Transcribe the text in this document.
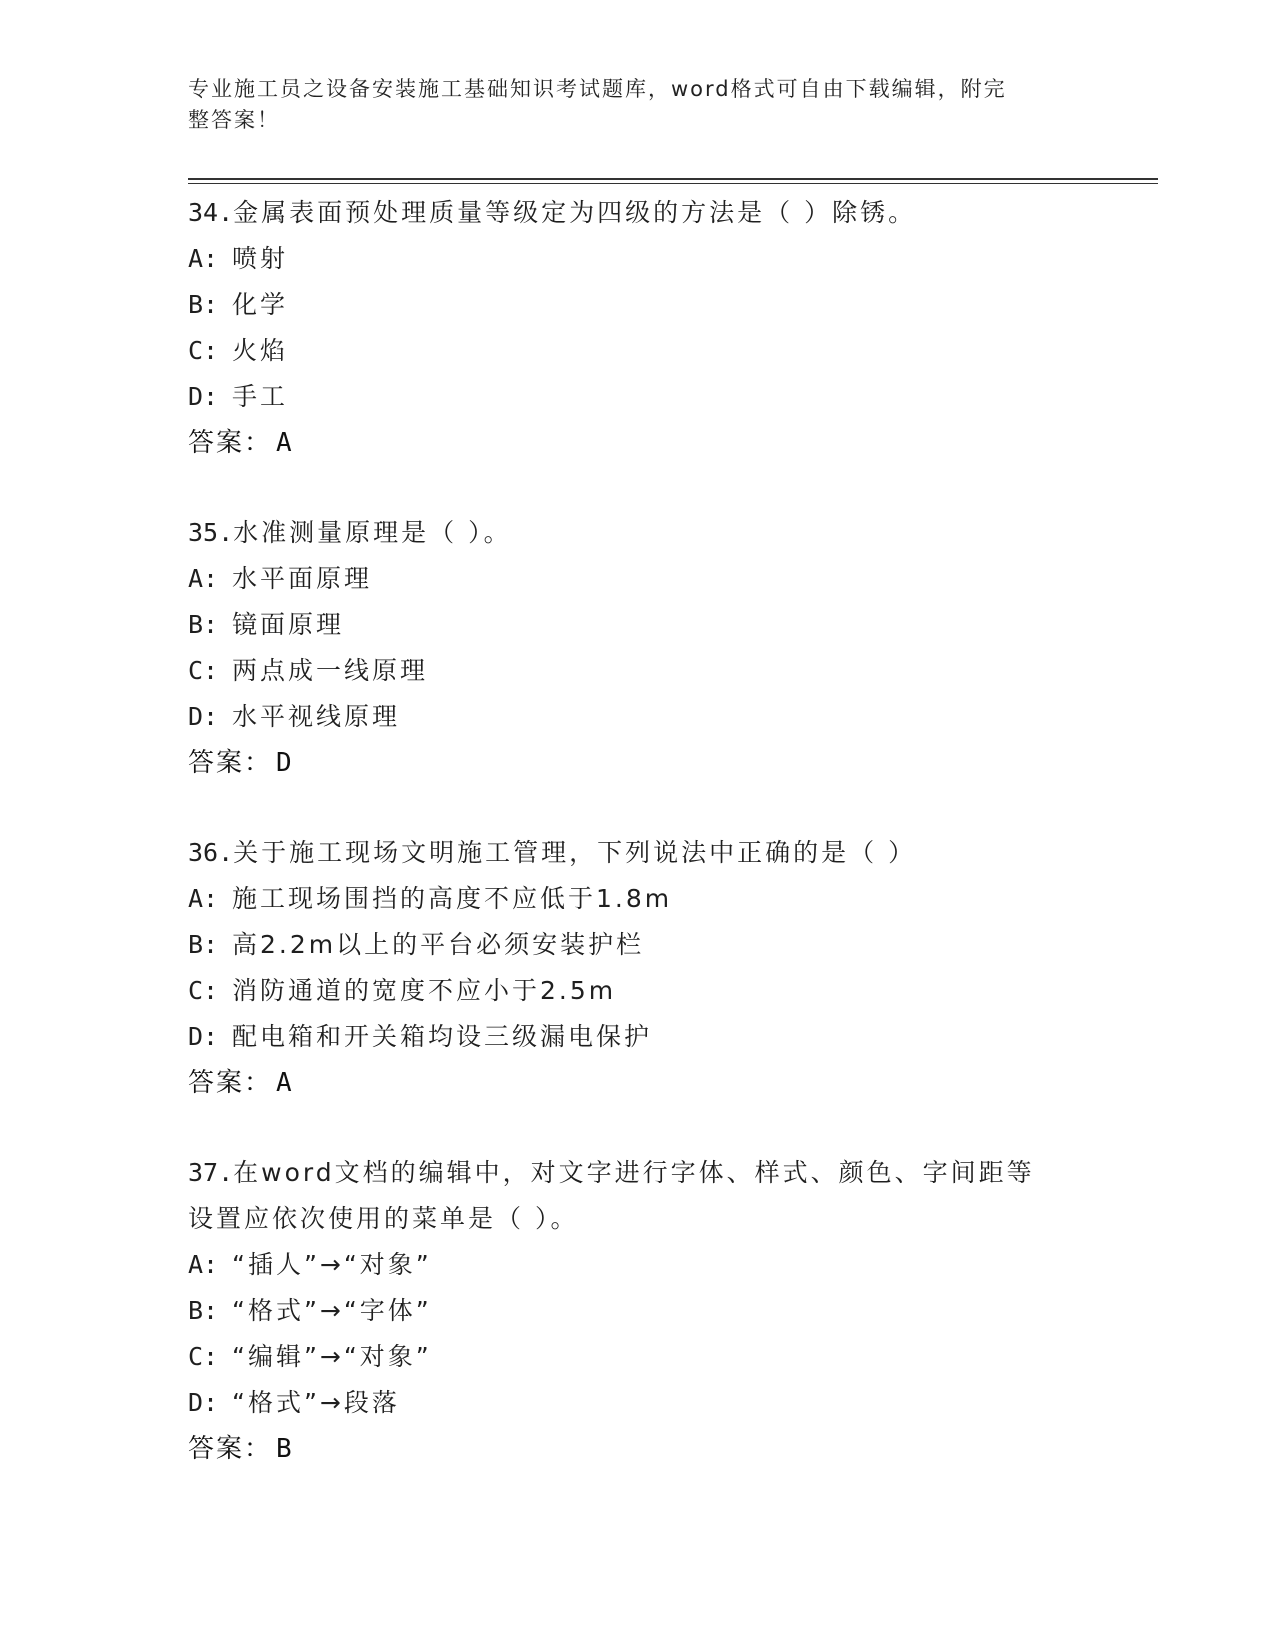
专业施工员之设备安装施工基础知识考试题库，word格式可自由下载编辑，附完
整答案！
34.金属表面预处理质量等级定为四级的方法是（ ）除锈。
A: 喷射
B: 化学
C: 火焰
D: 手工
答案： A
35.水准测量原理是（ ）。
A: 水平面原理
B: 镜面原理
C: 两点成一线原理
D: 水平视线原理
答案： D
36.关于施工现场文明施工管理，下列说法中正确的是（ ）
A: 施工现场围挡的高度不应低于1.8m
B: 高2.2m以上的平台必须安装护栏
C: 消防通道的宽度不应小于2.5m
D: 配电箱和开关箱均设三级漏电保护
答案： A
37.在word文档的编辑中，对文字进行字体、样式、颜色、字间距等
设置应依次使用的菜单是（ ）。
A: “插人”→“对象”
B: “格式”→“字体”
C: “编辑”→“对象”
D: “格式”→段落
答案： B
